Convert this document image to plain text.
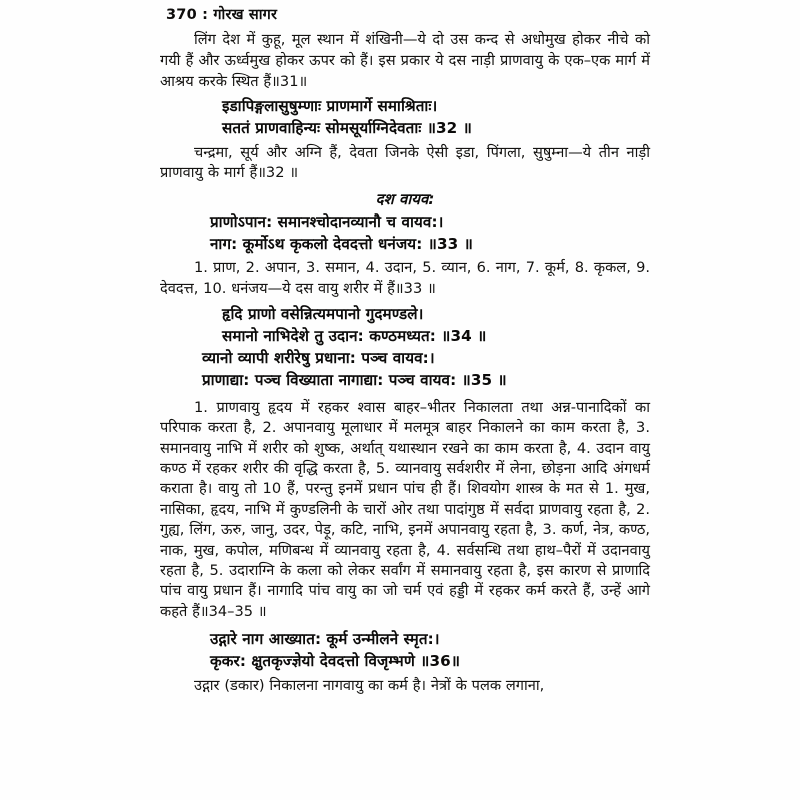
370 : गोरख सागर

लिंग देश में कुहू, मूल स्थान में शंखिनी—ये दो उस कन्द से अधोमुख होकर नीचे को गयी हैं और ऊर्ध्वमुख होकर ऊपर को हैं। इस प्रकार ये दस नाड़ी प्राणवायु के एक–एक मार्ग में आश्रय करके स्थित हैं॥31॥

इडापिङ्गलासुषुम्णाः प्राणमार्गे समाश्रिताः।
सततं प्राणवाहिन्यः सोमसूर्याग्निदेवताः ॥32 ॥

चन्द्रमा, सूर्य और अग्नि हैं, देवता जिनके ऐसी इडा, पिंगला, सुषुम्ना—ये तीन नाड़ी प्राणवायु के मार्ग हैं॥32 ॥

दश वायव:
प्राणोऽपान: समानश्चोदानव्यानौ च वायव:।
नाग: कूर्मोऽथ कृकलो देवदत्तो धनंजय: ॥33 ॥

1. प्राण, 2. अपान, 3. समान, 4. उदान, 5. व्यान, 6. नाग, 7. कूर्म, 8. कृकल, 9. देवदत्त, 10. धनंजय—ये दस वायु शरीर में हैं॥33 ॥

हृदि प्राणो वसेन्नित्यमपानो गुदमण्डले।
समानो नाभिदेशे तु उदान: कण्ठमध्यत: ॥34 ॥
व्यानो व्यापी शरीरेषु प्रधाना: पञ्च वायव:।
प्राणाद्या: पञ्च विख्याता नागाद्या: पञ्च वायव: ॥35 ॥

1. प्राणवायु हृदय में रहकर श्वास बाहर–भीतर निकालता तथा अन्न-पानादिकों का परिपाक करता है, 2. अपानवायु मूलाधार में मलमूत्र बाहर निकालने का काम करता है, 3. समानवायु नाभि में शरीर को शुष्क, अर्थात् यथास्थान रखने का काम करता है, 4. उदान वायु कण्ठ में रहकर शरीर की वृद्धि करता है, 5. व्यानवायु सर्वशरीर में लेना, छोड़ना आदि अंगधर्म कराता है। वायु तो 10 हैं, परन्तु इनमें प्रधान पांच ही हैं। शिवयोग शास्त्र के मत से 1. मुख, नासिका, हृदय, नाभि में कुण्डलिनी के चारों ओर तथा पादांगुष्ठ में सर्वदा प्राणवायु रहता है, 2. गुह्य, लिंग, ऊरु, जानु, उदर, पेड़ू, कटि, नाभि, इनमें अपानवायु रहता है, 3. कर्ण, नेत्र, कण्ठ, नाक, मुख, कपोल, मणिबन्ध में व्यानवायु रहता है, 4. सर्वसन्धि तथा हाथ–पैरों में उदानवायु रहता है, 5. उदाराग्नि के कला को लेकर सर्वांग में समानवायु रहता है, इस कारण से प्राणादि पांच वायु प्रधान हैं। नागादि पांच वायु का जो चर्म एवं हड्डी में रहकर कर्म करते हैं, उन्हें आगे कहते हैं॥34–35 ॥

उद्गारे नाग आख्यात: कूर्म उन्मीलने स्मृत:।
कृकर: क्षुतकृज्ज्ञेयो देवदत्तो विजृम्भणे ॥36॥

उद्गार (डकार) निकालना नागवायु का कर्म है। नेत्रों के पलक लगाना,
